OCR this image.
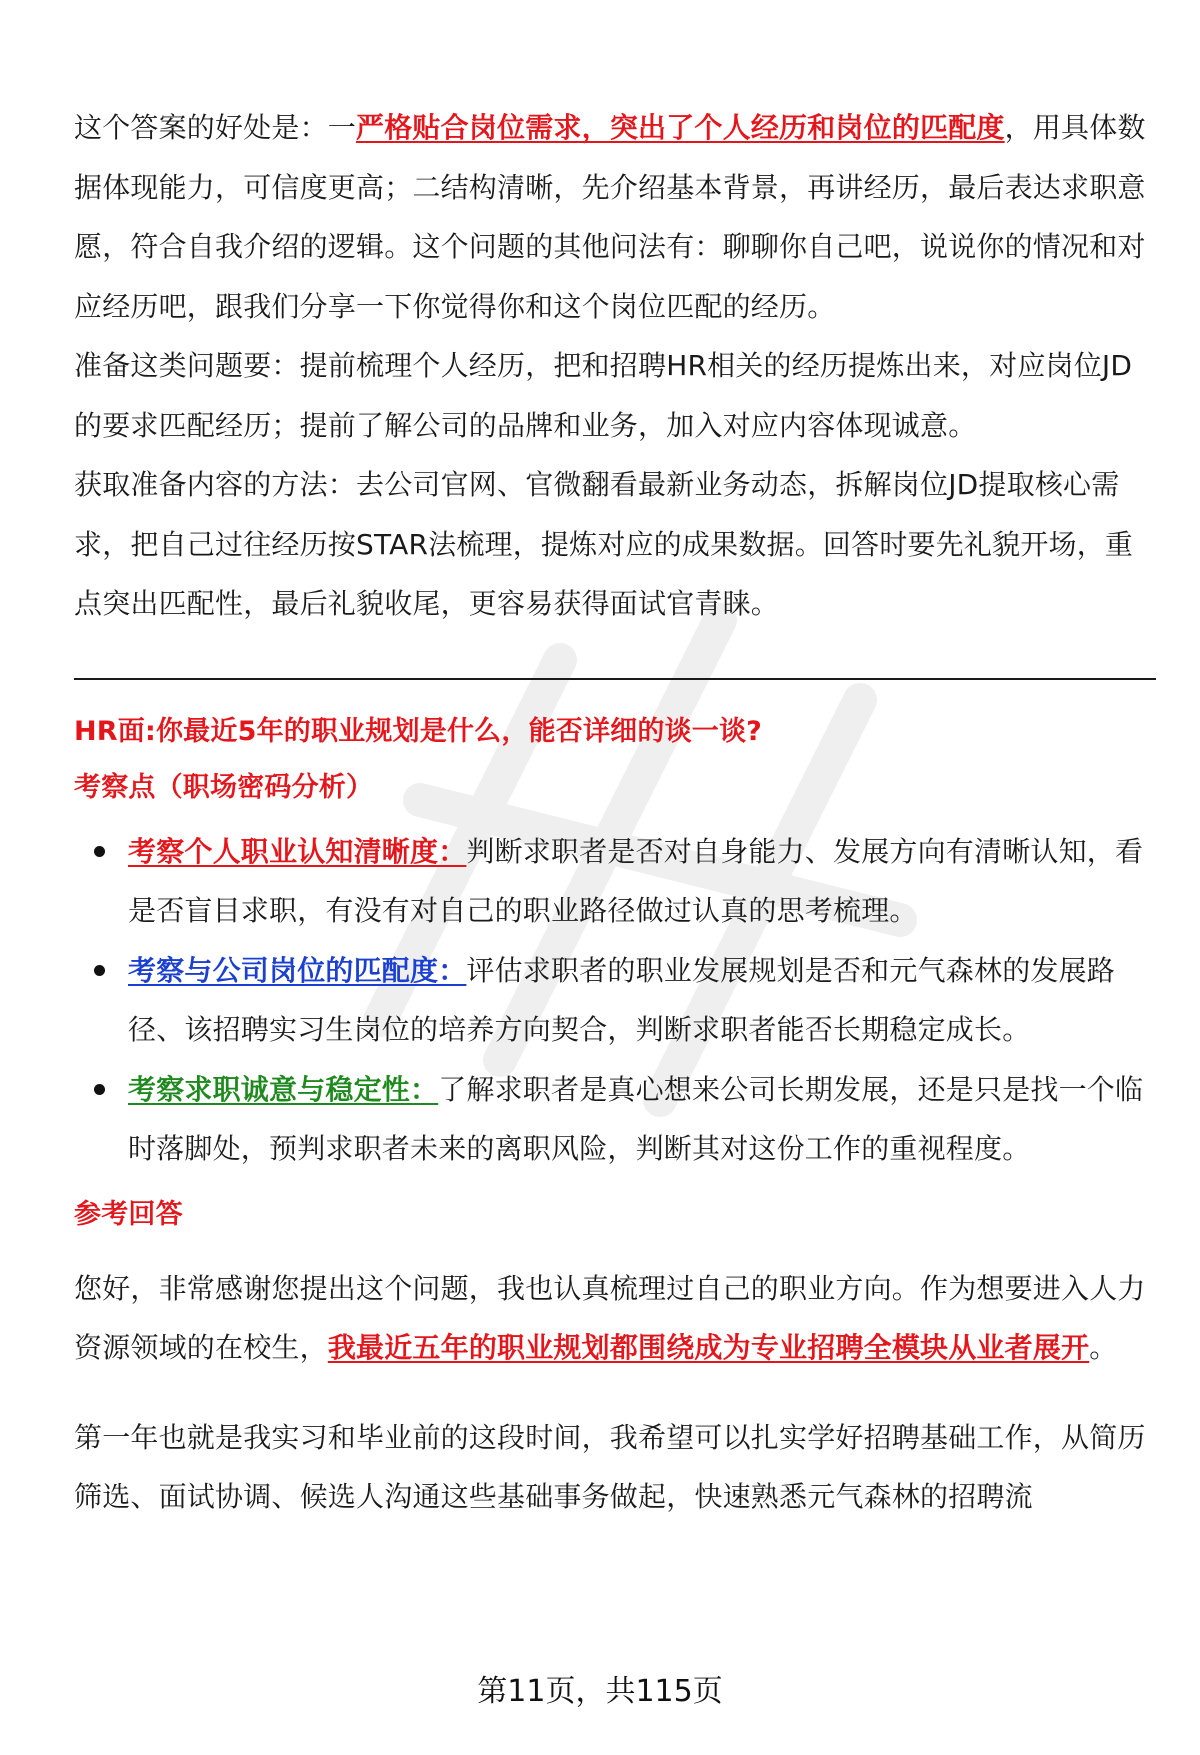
这个答案的好处是：一严格贴合岗位需求，突出了个人经历和岗位的匹配度，用具体数据体现能力，可信度更高；二结构清晰，先介绍基本背景，再讲经历，最后表达求职意愿，符合自我介绍的逻辑。这个问题的其他问法有：聊聊你自己吧，说说你的情况和对应经历吧，跟我们分享一下你觉得你和这个岗位匹配的经历。

准备这类问题要：提前梳理个人经历，把和招聘HR相关的经历提炼出来，对应岗位JD的要求匹配经历；提前了解公司的品牌和业务，加入对应内容体现诚意。

获取准备内容的方法：去公司官网、官微翻看最新业务动态，拆解岗位JD提取核心需求，把自己过往经历按STAR法梳理，提炼对应的成果数据。回答时要先礼貌开场，重点突出匹配性，最后礼貌收尾，更容易获得面试官青睐。

HR面:你最近5年的职业规划是什么，能否详细的谈一谈?

考察点（职场密码分析）

考察个人职业认知清晰度：判断求职者是否对自身能力、发展方向有清晰认知，看是否盲目求职，有没有对自己的职业路径做过认真的思考梳理。
考察与公司岗位的匹配度：评估求职者的职业发展规划是否和元气森林的发展路径、该招聘实习生岗位的培养方向契合，判断求职者能否长期稳定成长。
考察求职诚意与稳定性：了解求职者是真心想来公司长期发展，还是只是找一个临时落脚处，预判求职者未来的离职风险，判断其对这份工作的重视程度。

参考回答

您好，非常感谢您提出这个问题，我也认真梳理过自己的职业方向。作为想要进入人力资源领域的在校生，我最近五年的职业规划都围绕成为专业招聘全模块从业者展开。

第一年也就是我实习和毕业前的这段时间，我希望可以扎实学好招聘基础工作，从简历筛选、面试协调、候选人沟通这些基础事务做起，快速熟悉元气森林的招聘流

第11页，共115页
